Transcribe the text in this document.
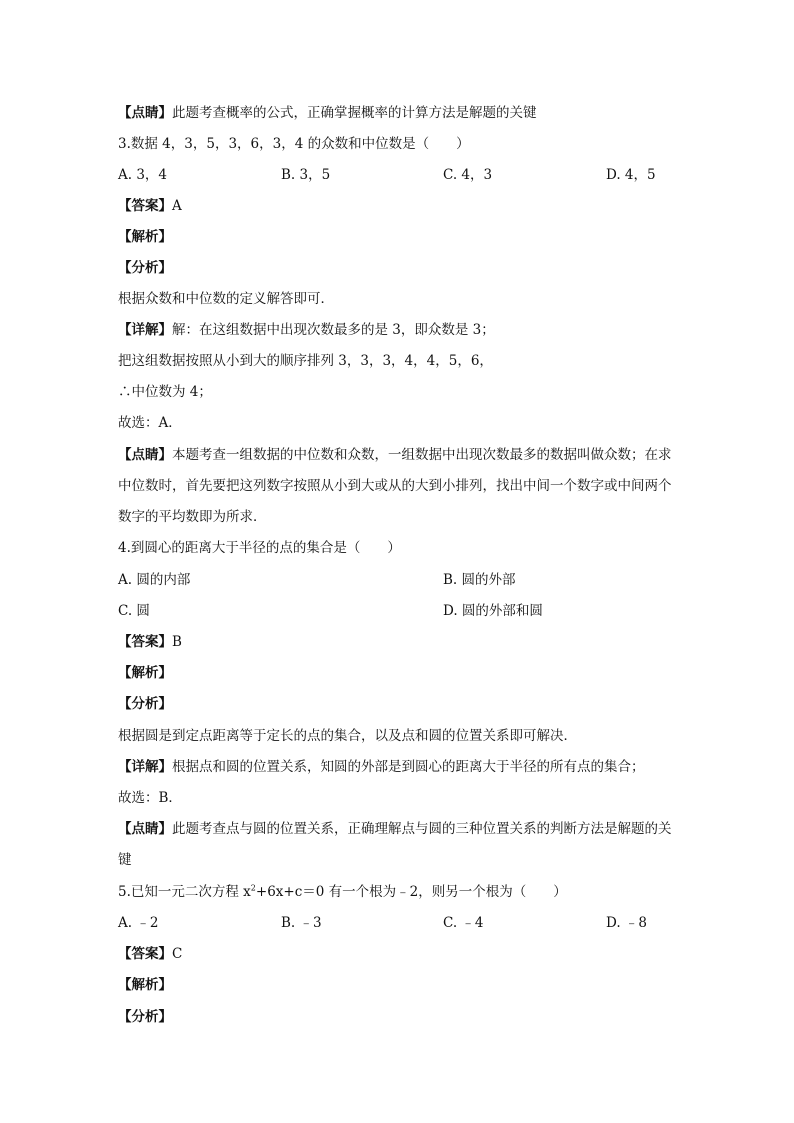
【点睛】此题考查概率的公式，正确掌握概率的计算方法是解题的关键
3.数据 4，3，5，3，6，3，4 的众数和中位数是（　　）
A. 3，4	B. 3，5	C. 4，3	D. 4，5
【答案】A
【解析】
【分析】
根据众数和中位数的定义解答即可．
【详解】解：在这组数据中出现次数最多的是 3，即众数是 3；
把这组数据按照从小到大的顺序排列 3，3，3，4，4，5，6，
∴中位数为 4；
故选：A．
【点睛】本题考查一组数据的中位数和众数，一组数据中出现次数最多的数据叫做众数；在求中位数时，首先要把这列数字按照从小到大或从的大到小排列，找出中间一个数字或中间两个数字的平均数即为所求．
4.到圆心的距离大于半径的点的集合是（　　）
A. 圆的内部	B. 圆的外部
C. 圆	D. 圆的外部和圆
【答案】B
【解析】
【分析】
根据圆是到定点距离等于定长的点的集合，以及点和圆的位置关系即可解决．
【详解】根据点和圆的位置关系，知圆的外部是到圆心的距离大于半径的所有点的集合；
故选：B．
【点睛】此题考查点与圆的位置关系，正确理解点与圆的三种位置关系的判断方法是解题的关键
5.已知一元二次方程 $x^2+6x+c=0$ 有一个根为﹣2，则另一个根为（　　）
A. ﹣2	B. ﹣3	C. ﹣4	D. ﹣8
【答案】C
【解析】
【分析】
